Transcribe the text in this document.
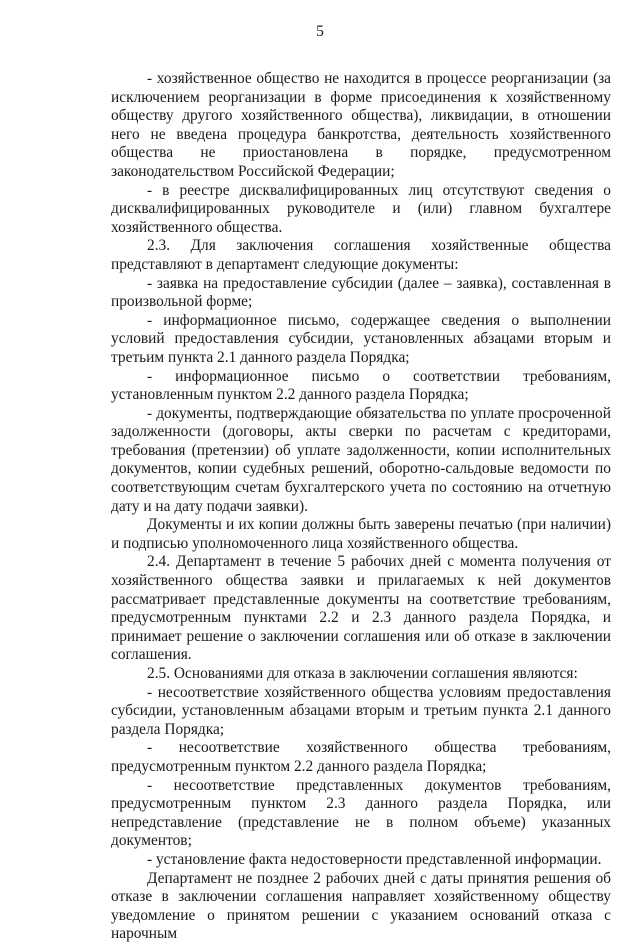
5

- хозяйственное общество не находится в процессе реорганизации (за исключением реорганизации в форме присоединения к хозяйственному обществу другого хозяйственного общества), ликвидации, в отношении него не введена процедура банкротства, деятельность хозяйственного общества не приостановлена в порядке, предусмотренном законодательством Российской Федерации;

- в реестре дисквалифицированных лиц отсутствуют сведения о дисквалифицированных руководителе и (или) главном бухгалтере хозяйственного общества.

2.3. Для заключения соглашения хозяйственные общества представляют в департамент следующие документы:

- заявка на предоставление субсидии (далее – заявка), составленная в произвольной форме;

- информационное письмо, содержащее сведения о выполнении условий предоставления субсидии, установленных абзацами вторым и третьим пункта 2.1 данного раздела Порядка;

- информационное письмо о соответствии требованиям, установленным пунктом 2.2 данного раздела Порядка;

- документы, подтверждающие обязательства по уплате просроченной задолженности (договоры, акты сверки по расчетам с кредиторами, требования (претензии) об уплате задолженности, копии исполнительных документов, копии судебных решений, оборотно-сальдовые ведомости по соответствующим счетам бухгалтерского учета по состоянию на отчетную дату и на дату подачи заявки).

Документы и их копии должны быть заверены печатью (при наличии) и подписью уполномоченного лица хозяйственного общества.

2.4. Департамент в течение 5 рабочих дней с момента получения от хозяйственного общества заявки и прилагаемых к ней документов рассматривает представленные документы на соответствие требованиям, предусмотренным пунктами 2.2 и 2.3 данного раздела Порядка, и принимает решение о заключении соглашения или об отказе в заключении соглашения.

2.5. Основаниями для отказа в заключении соглашения являются:

- несоответствие хозяйственного общества условиям предоставления субсидии, установленным абзацами вторым и третьим пункта 2.1 данного раздела Порядка;

- несоответствие хозяйственного общества требованиям, предусмотренным пунктом 2.2 данного раздела Порядка;

- несоответствие представленных документов требованиям, предусмотренным пунктом 2.3 данного раздела Порядка, или непредставление (представление не в полном объеме) указанных документов;

- установление факта недостоверности представленной информации.

Департамент не позднее 2 рабочих дней с даты принятия решения об отказе в заключении соглашения направляет хозяйственному обществу уведомление о принятом решении с указанием оснований отказа с нарочным
